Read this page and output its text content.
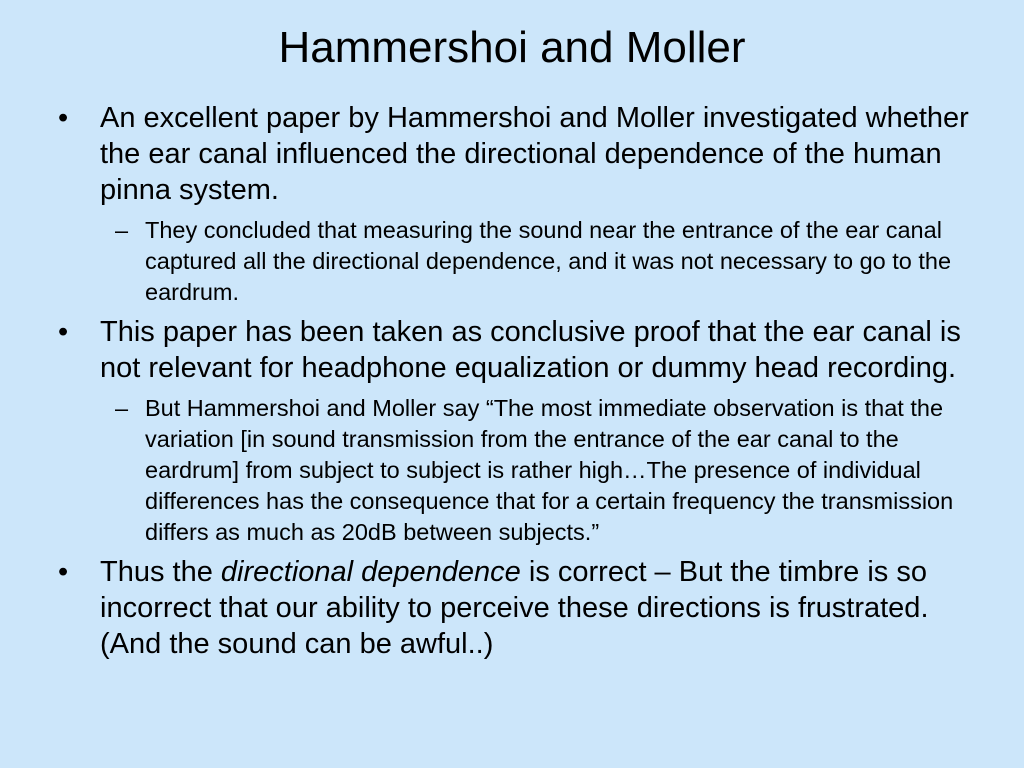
Hammershoi and Moller
• An excellent paper by Hammershoi and Moller investigated whether the ear canal influenced the directional dependence of the human pinna system.
– They concluded that measuring the sound near the entrance of the ear canal captured all the directional dependence, and it was not necessary to go to the eardrum.
• This paper has been taken as conclusive proof that the ear canal is not relevant for headphone equalization or dummy head recording.
– But Hammershoi and Moller say “The most immediate observation is that the variation [in sound transmission from the entrance of the ear canal to the eardrum] from subject to subject is rather high…The presence of individual differences has the consequence that for a certain frequency the transmission differs as much as 20dB between subjects.”
• Thus the directional dependence is correct – But the timbre is so incorrect that our ability to perceive these directions is frustrated. (And the sound can be awful..)
